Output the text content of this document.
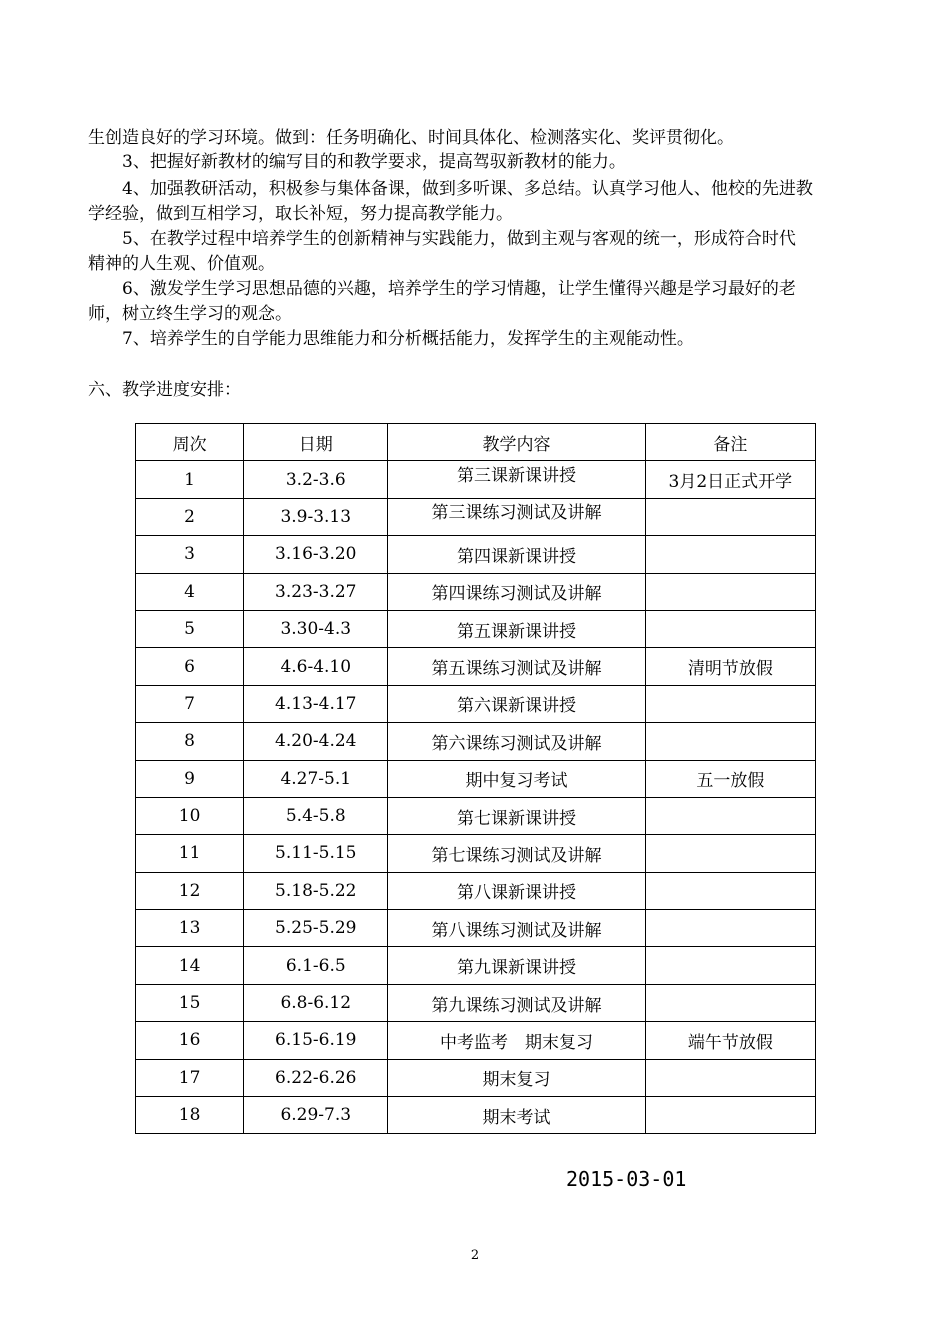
生创造良好的学习环境。做到：任务明确化、时间具体化、检测落实化、奖评贯彻化。
3、把握好新教材的编写目的和教学要求，提高驾驭新教材的能力。
4、加强教研活动，积极参与集体备课，做到多听课、多总结。认真学习他人、他校的先进教
学经验，做到互相学习，取长补短，努力提高教学能力。
5、在教学过程中培养学生的创新精神与实践能力，做到主观与客观的统一，形成符合时代
精神的人生观、价值观。
6、激发学生学习思想品德的兴趣，培养学生的学习情趣，让学生懂得兴趣是学习最好的老
师，树立终生学习的观念。
7、培养学生的自学能力思维能力和分析概括能力，发挥学生的主观能动性。
六、教学进度安排：
周次	日期	教学内容	备注
1	3.2-3.6	第三课新课讲授	3月2日正式开学
2	3.9-3.13	第三课练习测试及讲解	
3	3.16-3.20	第四课新课讲授	
4	3.23-3.27	第四课练习测试及讲解	
5	3.30-4.3	第五课新课讲授	
6	4.6-4.10	第五课练习测试及讲解	清明节放假
7	4.13-4.17	第六课新课讲授	
8	4.20-4.24	第六课练习测试及讲解	
9	4.27-5.1	期中复习考试	五一放假
10	5.4-5.8	第七课新课讲授	
11	5.11-5.15	第七课练习测试及讲解	
12	5.18-5.22	第八课新课讲授	
13	5.25-5.29	第八课练习测试及讲解	
14	6.1-6.5	第九课新课讲授	
15	6.8-6.12	第九课练习测试及讲解	
16	6.15-6.19	中考监考　期末复习	端午节放假
17	6.22-6.26	期末复习	
18	6.29-7.3	期末考试	
2015-03-01
2
